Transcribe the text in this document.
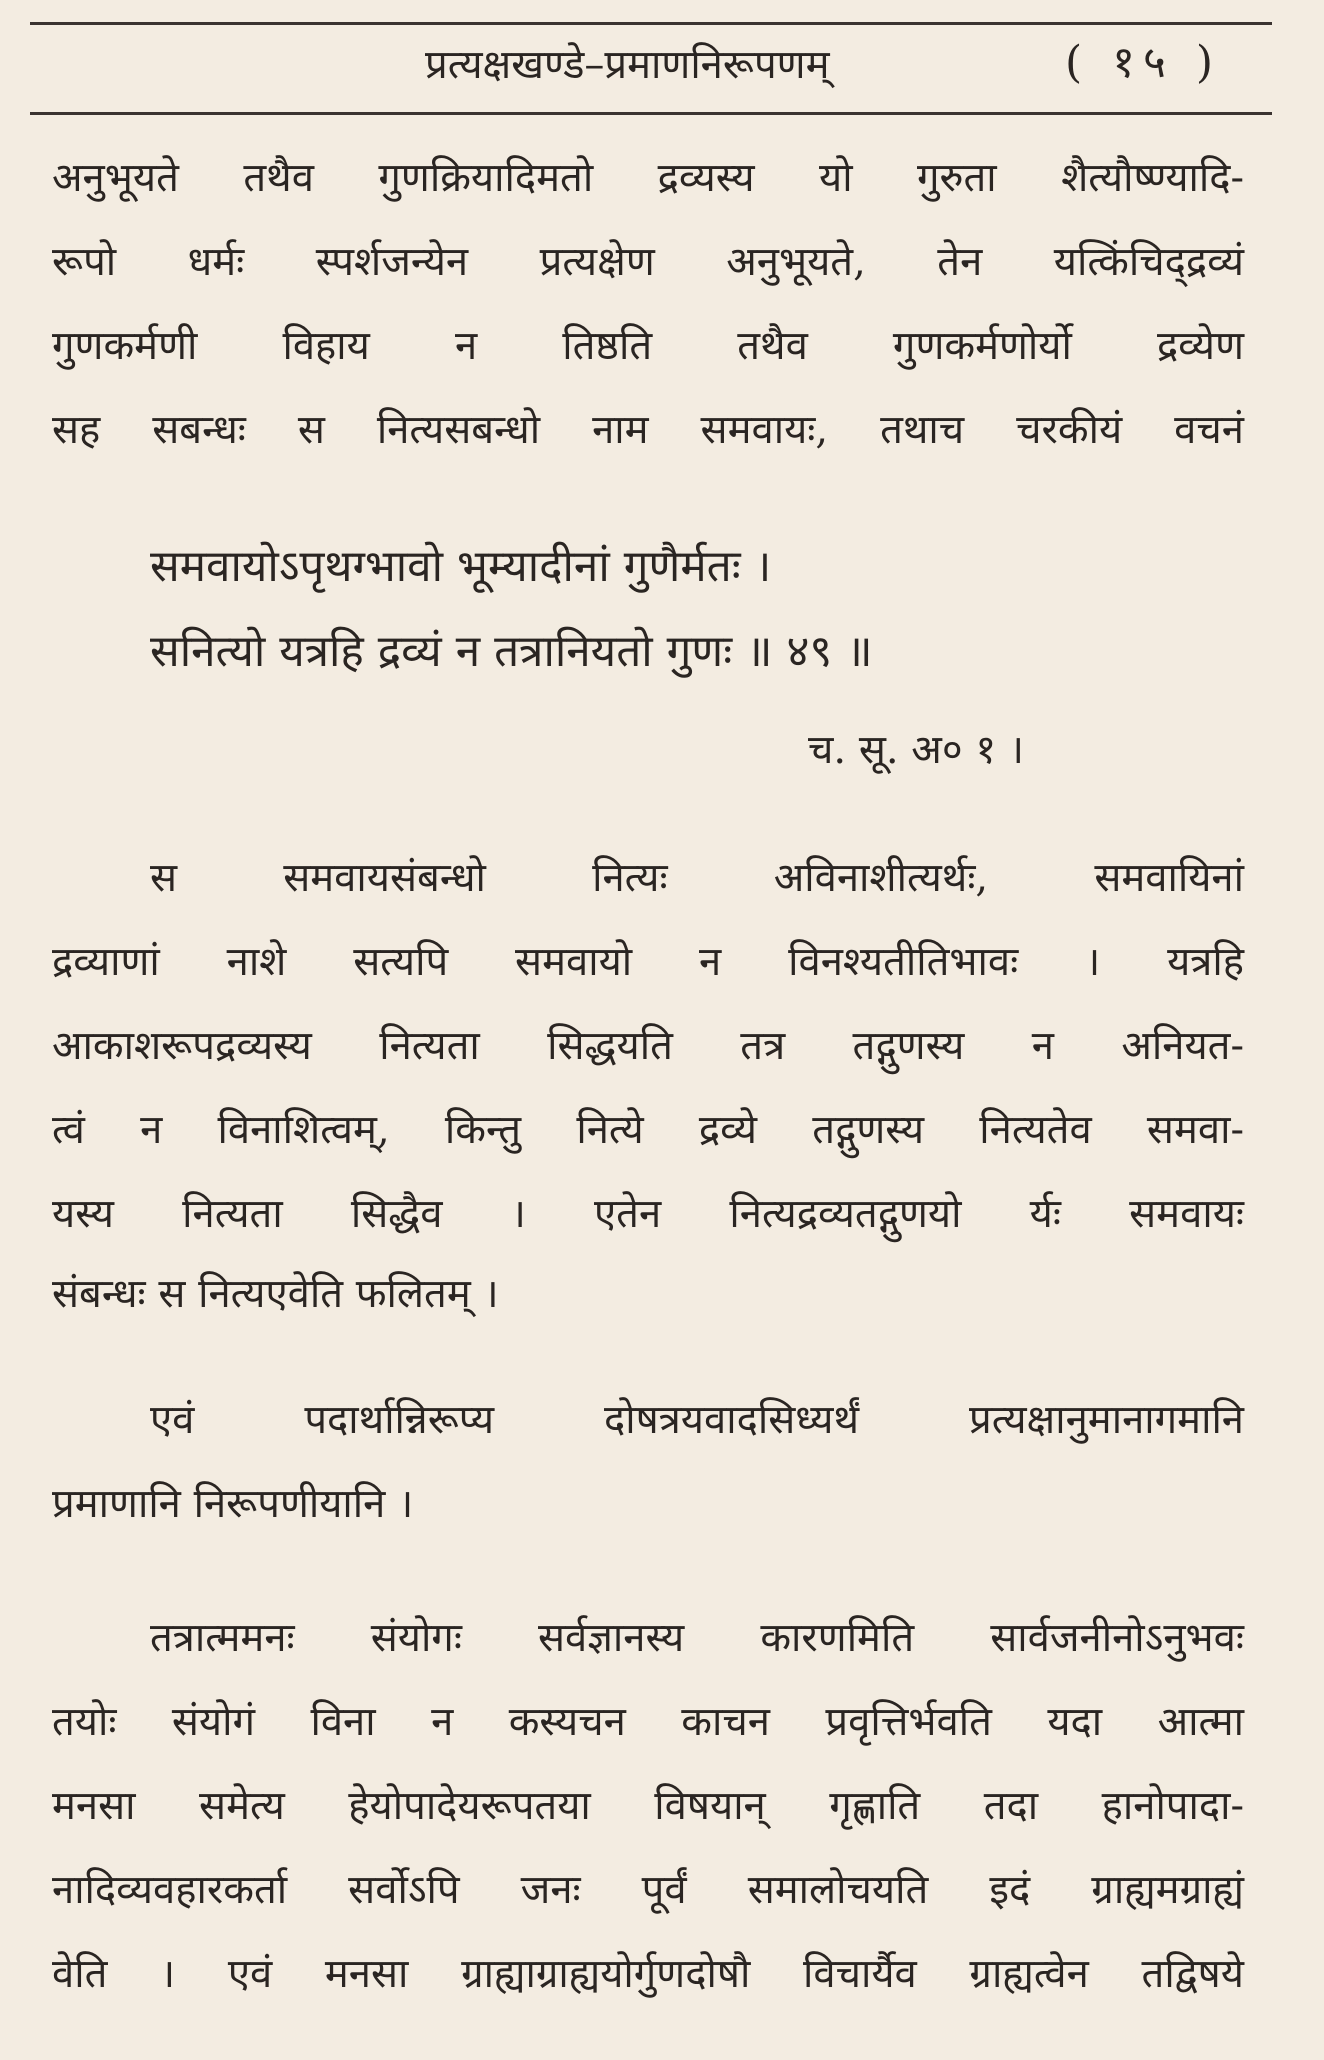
प्रत्यक्षखण्डे–प्रमाणनिरूपणम्	( १५ )
अनुभूयते तथैव गुणक्रियादिमतो द्रव्यस्य यो गुरुता शैत्यौष्ण्यादि-
रूपो धर्मः स्पर्शजन्येन प्रत्यक्षेण अनुभूयते, तेन यत्किंचिद्द्रव्यं
गुणकर्मणी विहाय न तिष्ठति तथैव गुणकर्मणोर्यो द्रव्येण
सह सबन्धः स नित्यसबन्धो नाम समवायः, तथाच चरकीयं वचनं
समवायोऽपृथग्भावो भूम्यादीनां गुणैर्मतः ।
सनित्यो यत्रहि द्रव्यं न तत्रानियतो गुणः ॥ ४९ ॥
च. सू. अ० १ ।
स समवायसंबन्धो नित्यः अविनाशीत्यर्थः, समवायिनां
द्रव्याणां नाशे सत्यपि समवायो न विनश्यतीतिभावः । यत्रहि
आकाशरूपद्रव्यस्य नित्यता सिद्धयति तत्र तद्गुणस्य न अनियत-
त्वं न विनाशित्वम्, किन्तु नित्ये द्रव्ये तद्गुणस्य नित्यतेव समवा-
यस्य नित्यता सिद्धैव । एतेन नित्यद्रव्यतद्गुणयो र्यः समवायः
संबन्धः स नित्यएवेति फलितम् ।
एवं पदार्थान्निरूप्य दोषत्रयवादसिध्यर्थं प्रत्यक्षानुमानागमानि
प्रमाणानि निरूपणीयानि ।
तत्रात्ममनः संयोगः सर्वज्ञानस्य कारणमिति सार्वजनीनोऽनुभवः
तयोः संयोगं विना न कस्यचन काचन प्रवृत्तिर्भवति यदा आत्मा
मनसा समेत्य हेयोपादेयरूपतया विषयान् गृह्णाति तदा हानोपादा-
नादिव्यवहारकर्ता सर्वोऽपि जनः पूर्वं समालोचयति इदं ग्राह्यमग्राह्यं
वेति । एवं मनसा ग्राह्याग्राह्ययोर्गुणदोषौ विचार्यैव ग्राह्यत्वेन तद्विषये
